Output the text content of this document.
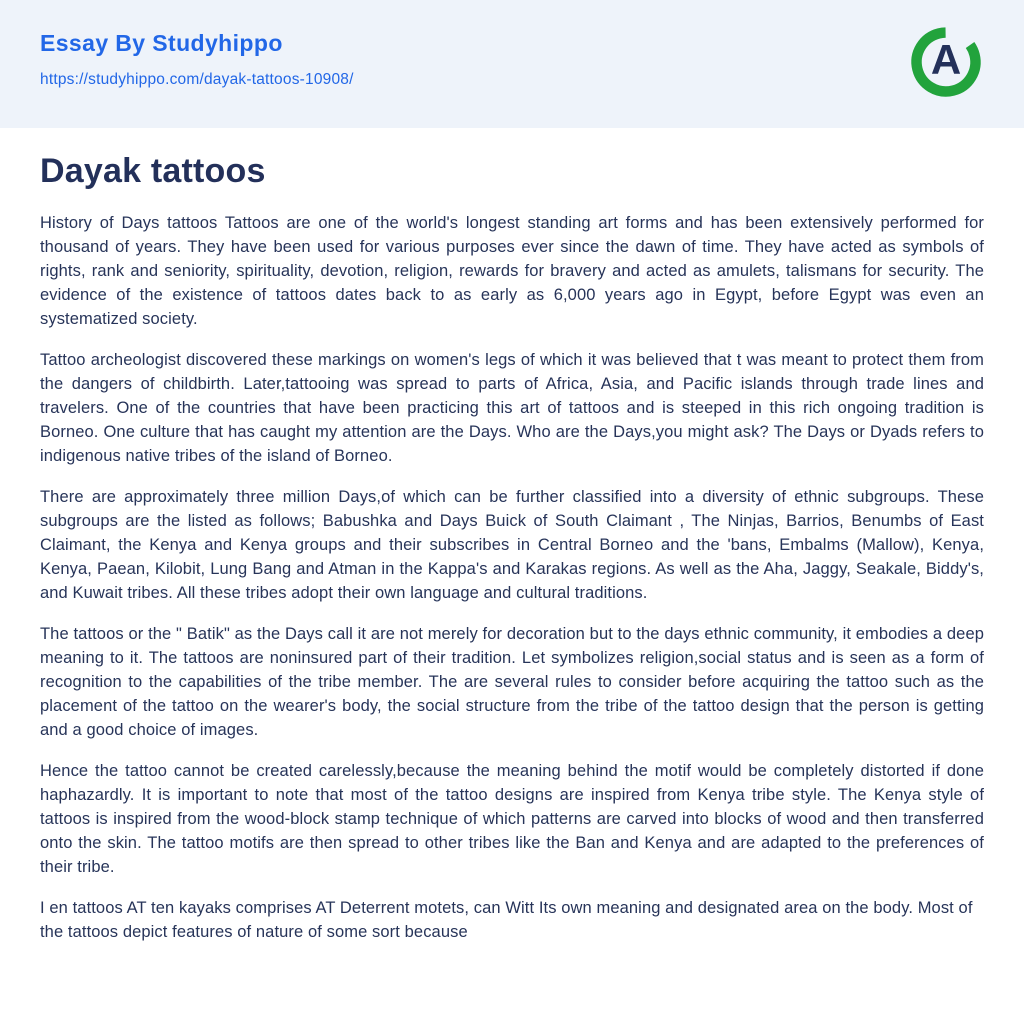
Essay By Studyhippo
https://studyhippo.com/dayak-tattoos-10908/	A
Dayak tattoos

History of Days tattoos Tattoos are one of the world's longest standing art forms and has been extensively performed for thousand of years. They have been used for various purposes ever since the dawn of time. They have acted as symbols of rights, rank and seniority, spirituality, devotion, religion, rewards for bravery and acted as amulets, talismans for security. The evidence of the existence of tattoos dates back to as early as 6,000 years ago in Egypt, before Egypt was even an systematized society.

Tattoo archeologist discovered these markings on women's legs of which it was believed that t was meant to protect them from the dangers of childbirth. Later,tattooing was spread to parts of Africa, Asia, and Pacific islands through trade lines and travelers. One of the countries that have been practicing this art of tattoos and is steeped in this rich ongoing tradition is Borneo. One culture that has caught my attention are the Days. Who are the Days,you might ask? The Days or Dyads refers to indigenous native tribes of the island of Borneo.

There are approximately three million Days,of which can be further classified into a diversity of ethnic subgroups. These subgroups are the listed as follows; Babushka and Days Buick of South Claimant , The Ninjas, Barrios, Benumbs of East Claimant, the Kenya and Kenya groups and their subscribes in Central Borneo and the 'bans, Embalms (Mallow), Kenya, Kenya, Paean, Kilobit, Lung Bang and Atman in the Kappa's and Karakas regions. As well as the Aha, Jaggy, Seakale, Biddy's, and Kuwait tribes. All these tribes adopt their own language and cultural traditions.

The tattoos or the " Batik" as the Days call it are not merely for decoration but to the days ethnic community, it embodies a deep meaning to it. The tattoos are noninsured part of their tradition. Let symbolizes religion,social status and is seen as a form of recognition to the capabilities of the tribe member. The are several rules to consider before acquiring the tattoo such as the placement of the tattoo on the wearer's body, the social structure from the tribe of the tattoo design that the person is getting and a good choice of images.

Hence the tattoo cannot be created carelessly,because the meaning behind the motif would be completely distorted if done haphazardly. It is important to note that most of the tattoo designs are inspired from Kenya tribe style. The Kenya style of tattoos is inspired from the wood-block stamp technique of which patterns are carved into blocks of wood and then transferred onto the skin. The tattoo motifs are then spread to other tribes like the Ban and Kenya and are adapted to the preferences of their tribe.

I en tattoos AT ten kayaks comprises AT Deterrent motets, can Witt Its own meaning and designated area on the body. Most of the tattoos depict features of nature of some sort because
